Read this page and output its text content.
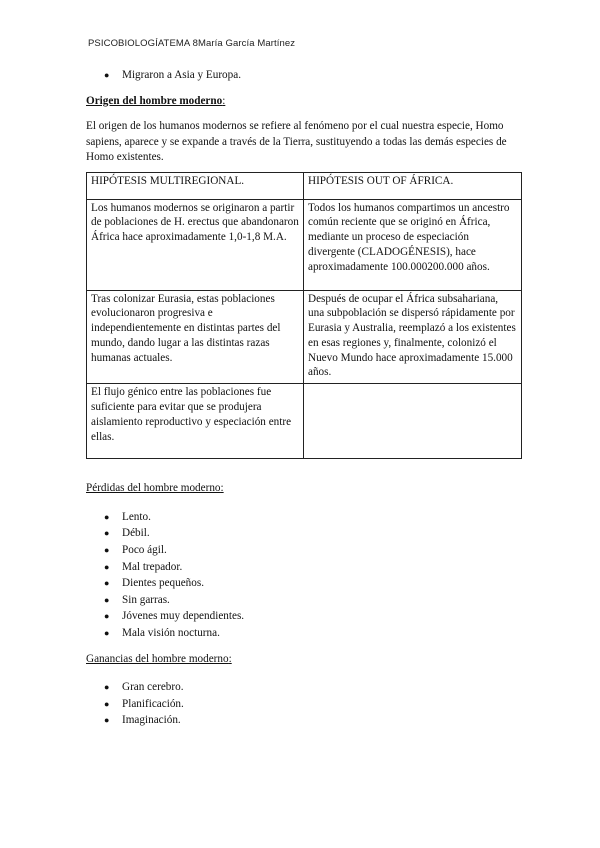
PSICOBIOLOGÍATEMA 8María García Martínez
● Migraron a Asia y Europa.
Origen del hombre moderno:
El origen de los humanos modernos se refiere al fenómeno por el cual nuestra especie, Homo sapiens, aparece y se expande a través de la Tierra, sustituyendo a todas las demás especies de Homo existentes.
HIPÓTESIS MULTIREGIONAL.	HIPÓTESIS OUT OF ÁFRICA.
Los humanos modernos se originaron a partir de poblaciones de H. erectus que abandonaron África hace aproximadamente 1,0-1,8 M.A.	Todos los humanos compartimos un ancestro común reciente que se originó en África, mediante un proceso de especiación divergente (CLADOGÉNESIS), hace aproximadamente 100.000200.000 años.
Tras colonizar Eurasia, estas poblaciones evolucionaron progresiva e independientemente en distintas partes del mundo, dando lugar a las distintas razas humanas actuales.	Después de ocupar el África subsahariana, una subpoblación se dispersó rápidamente por Eurasia y Australia, reemplazó a los existentes en esas regiones y, finalmente, colonizó el Nuevo Mundo hace aproximadamente 15.000 años.
El flujo génico entre las poblaciones fue suficiente para evitar que se produjera aislamiento reproductivo y especiación entre ellas.	
Pérdidas del hombre moderno:
● Lento.
● Débil.
● Poco ágil.
● Mal trepador.
● Dientes pequeños.
● Sin garras.
● Jóvenes muy dependientes.
● Mala visión nocturna.
Ganancias del hombre moderno:
● Gran cerebro.
● Planificación.
● Imaginación.
